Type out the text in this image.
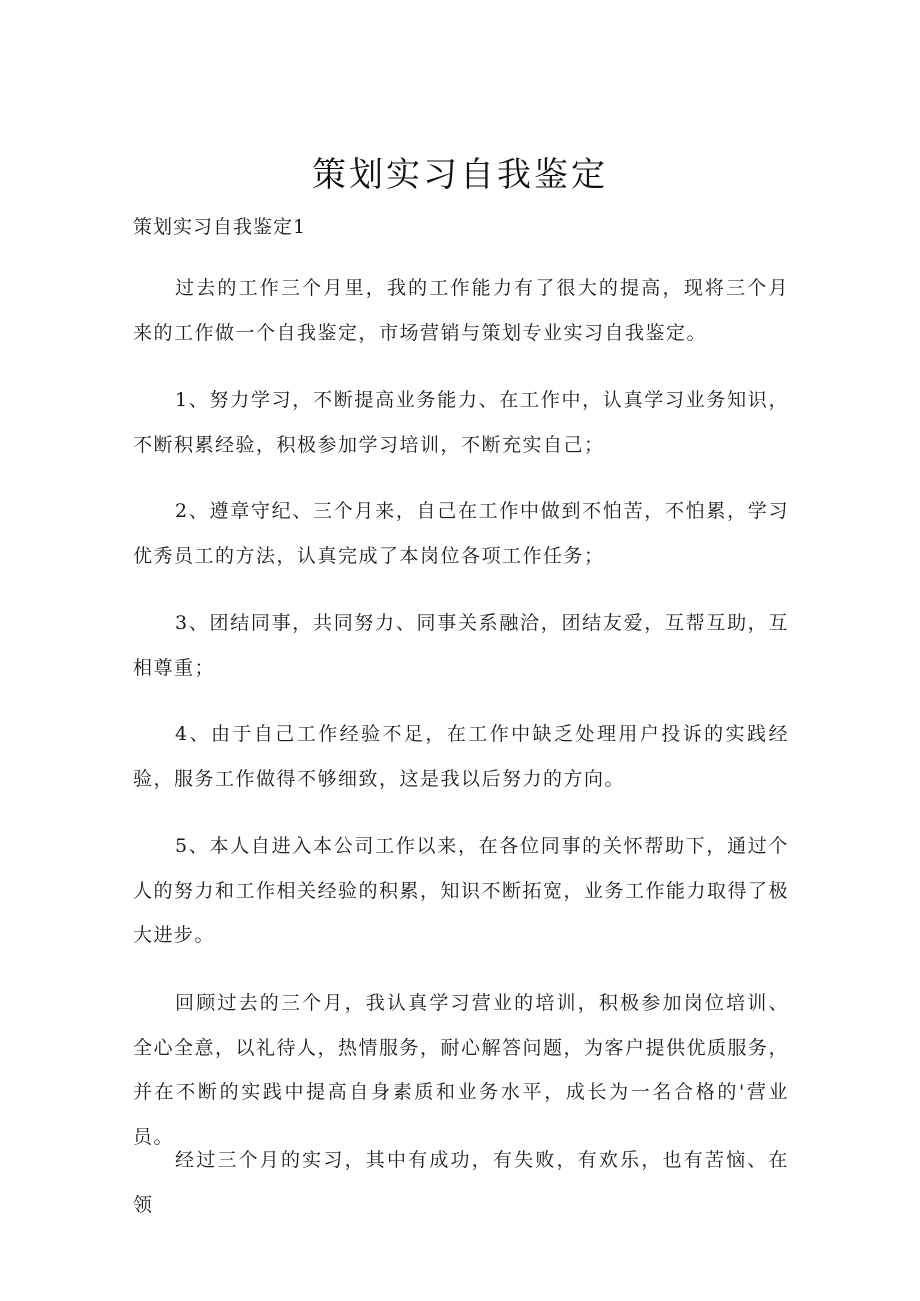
策划实习自我鉴定
策划实习自我鉴定1

过去的工作三个月里，我的工作能力有了很大的提高，现将三个月来的工作做一个自我鉴定，市场营销与策划专业实习自我鉴定。

1、努力学习，不断提高业务能力、在工作中，认真学习业务知识，不断积累经验，积极参加学习培训，不断充实自己；

2、遵章守纪、三个月来，自己在工作中做到不怕苦，不怕累，学习优秀员工的方法，认真完成了本岗位各项工作任务；

3、团结同事，共同努力、同事关系融洽，团结友爱，互帮互助，互相尊重；

4、由于自己工作经验不足，在工作中缺乏处理用户投诉的实践经验，服务工作做得不够细致，这是我以后努力的方向。

5、本人自进入本公司工作以来，在各位同事的关怀帮助下，通过个人的努力和工作相关经验的积累，知识不断拓宽，业务工作能力取得了极大进步。

回顾过去的三个月，我认真学习营业的培训，积极参加岗位培训、全心全意，以礼待人，热情服务，耐心解答问题，为客户提供优质服务，并在不断的实践中提高自身素质和业务水平，成长为一名合格的'营业员。

经过三个月的实习，其中有成功，有失败，有欢乐，也有苦恼、在领
